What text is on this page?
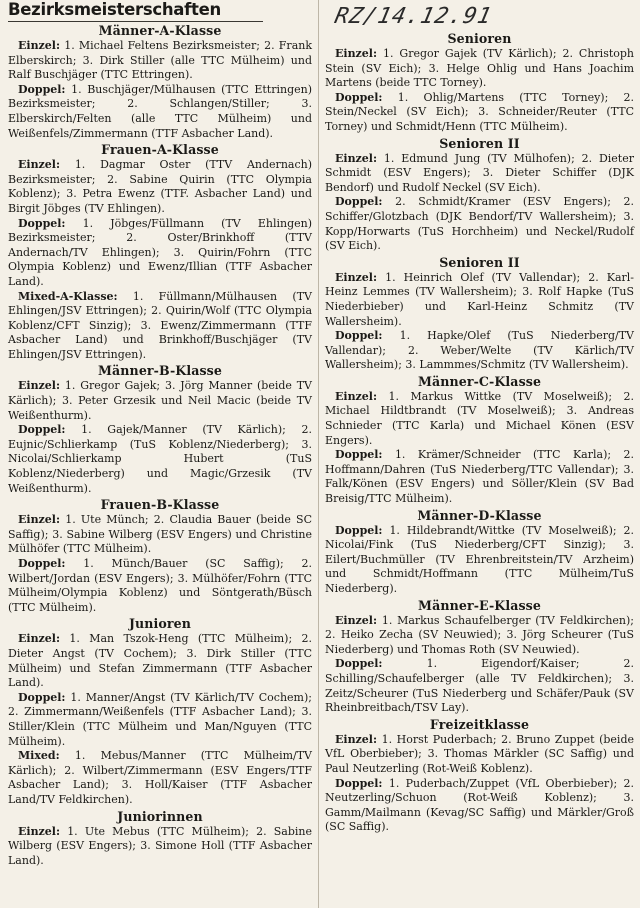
Bezirksmeisterschaften
Männer-A-Klasse

Einzel: 1. Michael Feltens Bezirksmeister; 2. Frank Elberskirch; 3. Dirk Stiller (alle TTC Mülheim) und Ralf Buschjäger (TTC Ettringen).

Doppel: 1. Buschjäger/Mülhausen (TTC Ettringen) Bezirksmeister; 2. Schlangen/Stiller; 3. Elberskirch/Felten (alle TTC Mülheim) und Weißenfels/Zimmermann (TTF Asbacher Land).

Frauen-A-Klasse

Einzel: 1. Dagmar Oster (TTV Andernach) Bezirksmeister; 2. Sabine Quirin (TTC Olympia Koblenz); 3. Petra Ewenz (TTF. Asbacher Land) und Birgit Jöbges (TV Ehlingen).

Doppel: 1. Jöbges/Füllmann (TV Ehlingen) Bezirksmeister; 2. Oster/Brinkhoff (TTV Andernach/TV Ehlingen); 3. Quirin/Fohrn (TTC Olympia Koblenz) und Ewenz/Illian (TTF Asbacher Land).

Mixed-A-Klasse: 1. Füllmann/Mülhausen (TV Ehlingen/JSV Ettringen); 2. Quirin/Wolf (TTC Olympia Koblenz/CFT Sinzig); 3. Ewenz/Zimmermann (TTF Asbacher Land) und Brinkhoff/Buschjäger (TV Ehlingen/JSV Ettringen).

Männer-B-Klasse

Einzel: 1. Gregor Gajek; 3. Jörg Manner (beide TV Kärlich); 3. Peter Grzesik und Neil Macic (beide TV Weißenthurm).

Doppel: 1. Gajek/Manner (TV Kärlich); 2. Eujnic/Schlierkamp (TuS Koblenz/Niederberg); 3. Nicolai/Schlierkamp Hubert (TuS Koblenz/Niederberg) und Magic/Grzesik (TV Weißenthurm).

Frauen-B-Klasse

Einzel: 1. Ute Münch; 2. Claudia Bauer (beide SC Saffig); 3. Sabine Wilberg (ESV Engers) und Christine Mülhöfer (TTC Mülheim).

Doppel: 1. Münch/Bauer (SC Saffig); 2. Wilbert/Jordan (ESV Engers); 3. Mülhöfer/Fohrn (TTC Mülheim/Olympia Koblenz) und Söntgerath/Büsch (TTC Mülheim).

Junioren

Einzel: 1. Man Tszok-Heng (TTC Mülheim); 2. Dieter Angst (TV Cochem); 3. Dirk Stiller (TTC Mülheim) und Stefan Zimmermann (TTF Asbacher Land).

Doppel: 1. Manner/Angst (TV Kärlich/TV Cochem); 2. Zimmermann/Weißenfels (TTF Asbacher Land); 3. Stiller/Klein (TTC Mülheim und Man/Nguyen (TTC Mülheim).

Mixed: 1. Mebus/Manner (TTC Mülheim/TV Kärlich); 2. Wilbert/Zimmermann (ESV Engers/TTF Asbacher Land); 3. Holl/Kaiser (TTF Asbacher Land/TV Feldkirchen).

Juniorinnen

Einzel: 1. Ute Mebus (TTC Mülheim); 2. Sabine Wilberg (ESV Engers); 3. Simone Holl (TTF Asbacher Land).

RZ/14.12.91
Senioren

Einzel: 1. Gregor Gajek (TV Kärlich); 2. Christoph Stein (SV Eich); 3. Helge Ohlig und Hans Joachim Martens (beide TTC Torney).

Doppel: 1. Ohlig/Martens (TTC Torney); 2. Stein/Neckel (SV Eich); 3. Schneider/Reuter (TTC Torney) und Schmidt/Henn (TTC Mülheim).

Senioren II

Einzel: 1. Edmund Jung (TV Mülhofen); 2. Dieter Schmidt (ESV Engers); 3. Dieter Schiffer (DJK Bendorf) und Rudolf Neckel (SV Eich).

Doppel: 2. Schmidt/Kramer (ESV Engers); 2. Schiffer/Glotzbach (DJK Bendorf/TV Wallersheim); 3. Kopp/Horwarts (TuS Horchheim) und Neckel/Rudolf (SV Eich).

Senioren II

Einzel: 1. Heinrich Olef (TV Vallendar); 2. Karl-Heinz Lemmes (TV Wallersheim); 3. Rolf Hapke (TuS Niederbieber) und Karl-Heinz Schmitz (TV Wallersheim).

Doppel: 1. Hapke/Olef (TuS Niederberg/TV Vallendar); 2. Weber/Welte (TV Kärlich/TV Wallersheim); 3. Lammmes/Schmitz (TV Wallersheim).

Männer-C-Klasse

Einzel: 1. Markus Wittke (TV Moselweiß); 2. Michael Hildtbrandt (TV Moselweiß); 3. Andreas Schnieder (TTC Karla) und Michael Könen (ESV Engers).

Doppel: 1. Krämer/Schneider (TTC Karla); 2. Hoffmann/Dahren (TuS Niederberg/TTC Vallendar); 3. Falk/Könen (ESV Engers) und Söller/Klein (SV Bad Breisig/TTC Mülheim).

Männer-D-Klasse

Doppel: 1. Hildebrandt/Wittke (TV Moselweiß); 2. Nicolai/Fink (TuS Niederberg/CFT Sinzig); 3. Eilert/Buchmüller (TV Ehrenbreitstein/TV Arzheim) und Schmidt/Hoffmann (TTC Mülheim/TuS Niederberg).

Männer-E-Klasse

Einzel: 1. Markus Schaufelberger (TV Feldkirchen); 2. Heiko Zecha (SV Neuwied); 3. Jörg Scheurer (TuS Niederberg) und Thomas Roth (SV Neuwied).

Doppel:	1. Eigendorf/Kaiser; 2. Schilling/Schaufelberger (alle TV Feldkirchen); 3. Zeitz/Scheurer (TuS Niederberg und Schäfer/Pauk (SV Rheinbreitbach/TSV Lay).

Freizeitklasse

Einzel: 1. Horst Puderbach; 2. Bruno Zuppet (beide VfL Oberbieber); 3. Thomas Märkler (SC Saffig) und Paul Neutzerling (Rot-Weiß Koblenz).

Doppel: 1. Puderbach/Zuppet (VfL Oberbieber); 2. Neutzerling/Schuon (Rot-Weiß Koblenz); 3. Gamm/Mailmann (Kevag/SC Saffig) und Märkler/Groß (SC Saffig).
